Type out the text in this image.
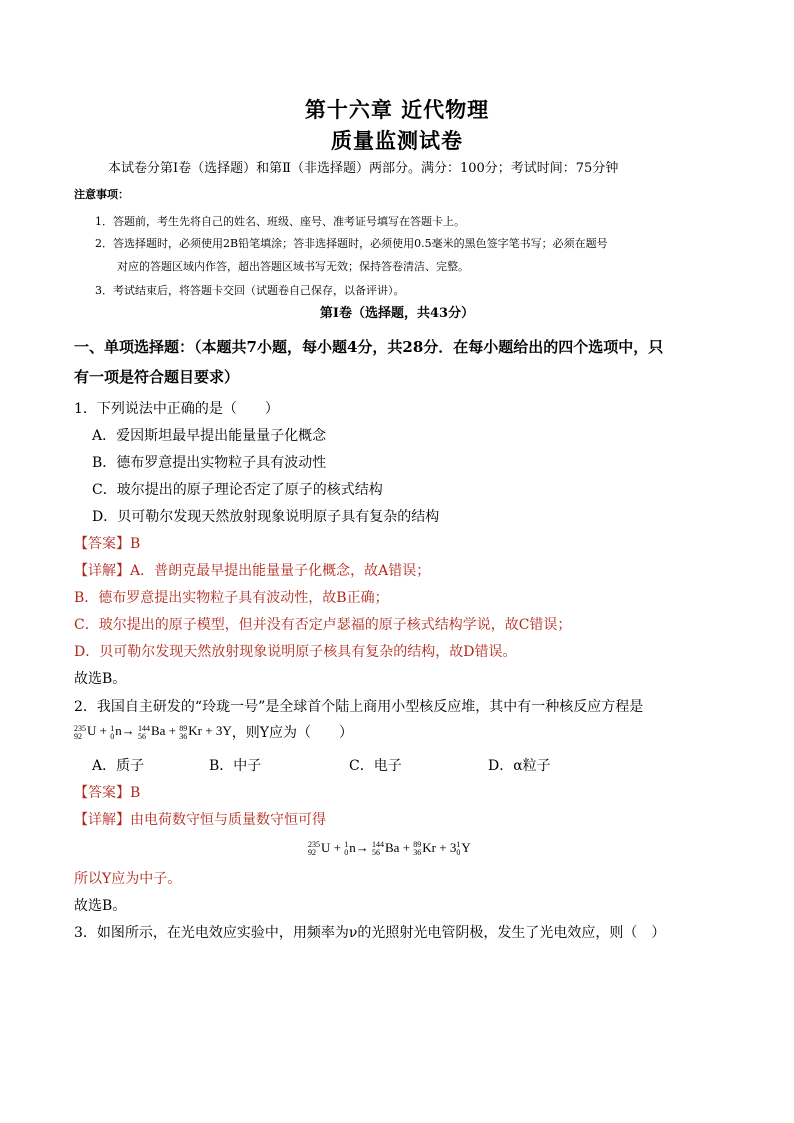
第十六章 近代物理
质量监测试卷
本试卷分第Ⅰ卷（选择题）和第Ⅱ（非选择题）两部分。满分：100分；考试时间：75分钟
注意事项：
1．答题前，考生先将自己的姓名、班级、座号、准考证号填写在答题卡上。
2．答选择题时，必须使用2B铅笔填涂；答非选择题时，必须使用0.5毫米的黑色签字笔书写；必须在题号
对应的答题区域内作答，超出答题区域书写无效；保持答卷清洁、完整。
3．考试结束后，将答题卡交回（试题卷自己保存，以备评讲）。
第Ⅰ卷（选择题，共43分）
一、单项选择题：（本题共7小题，每小题4分，共28分．在每小题给出的四个选项中，只
有一项是符合题目要求）
1．下列说法中正确的是（　　）
A．爱因斯坦最早提出能量量子化概念
B．德布罗意提出实物粒子具有波动性
C．玻尔提出的原子理论否定了原子的核式结构
D．贝可勒尔发现天然放射现象说明原子具有复杂的结构
【答案】B
【详解】A．普朗克最早提出能量量子化概念，故A错误；
B．德布罗意提出实物粒子具有波动性，故B正确；
C．玻尔提出的原子模型，但并没有否定卢瑟福的原子核式结构学说，故C错误；
D．贝可勒尔发现天然放射现象说明原子核具有复杂的结构，故D错误。
故选B。
2．我国自主研发的“玲珑一号”是全球首个陆上商用小型核反应堆，其中有一种核反应方程是
235
92 U + 1
0 n→ 144
56 Ba + 89
36 Kr + 3Y ，则Y应为（　　）
A．质子	B．中子	C．电子	D．α粒子
【答案】B
【详解】由电荷数守恒与质量数守恒可得
235
92 U + 1
0 n→ 144
56 Ba + 89
36 Kr + 3 1
0 Y
所以Y应为中子。
故选B。
3．如图所示，在光电效应实验中，用频率为ν的光照射光电管阴极，发生了光电效应，则（　）
